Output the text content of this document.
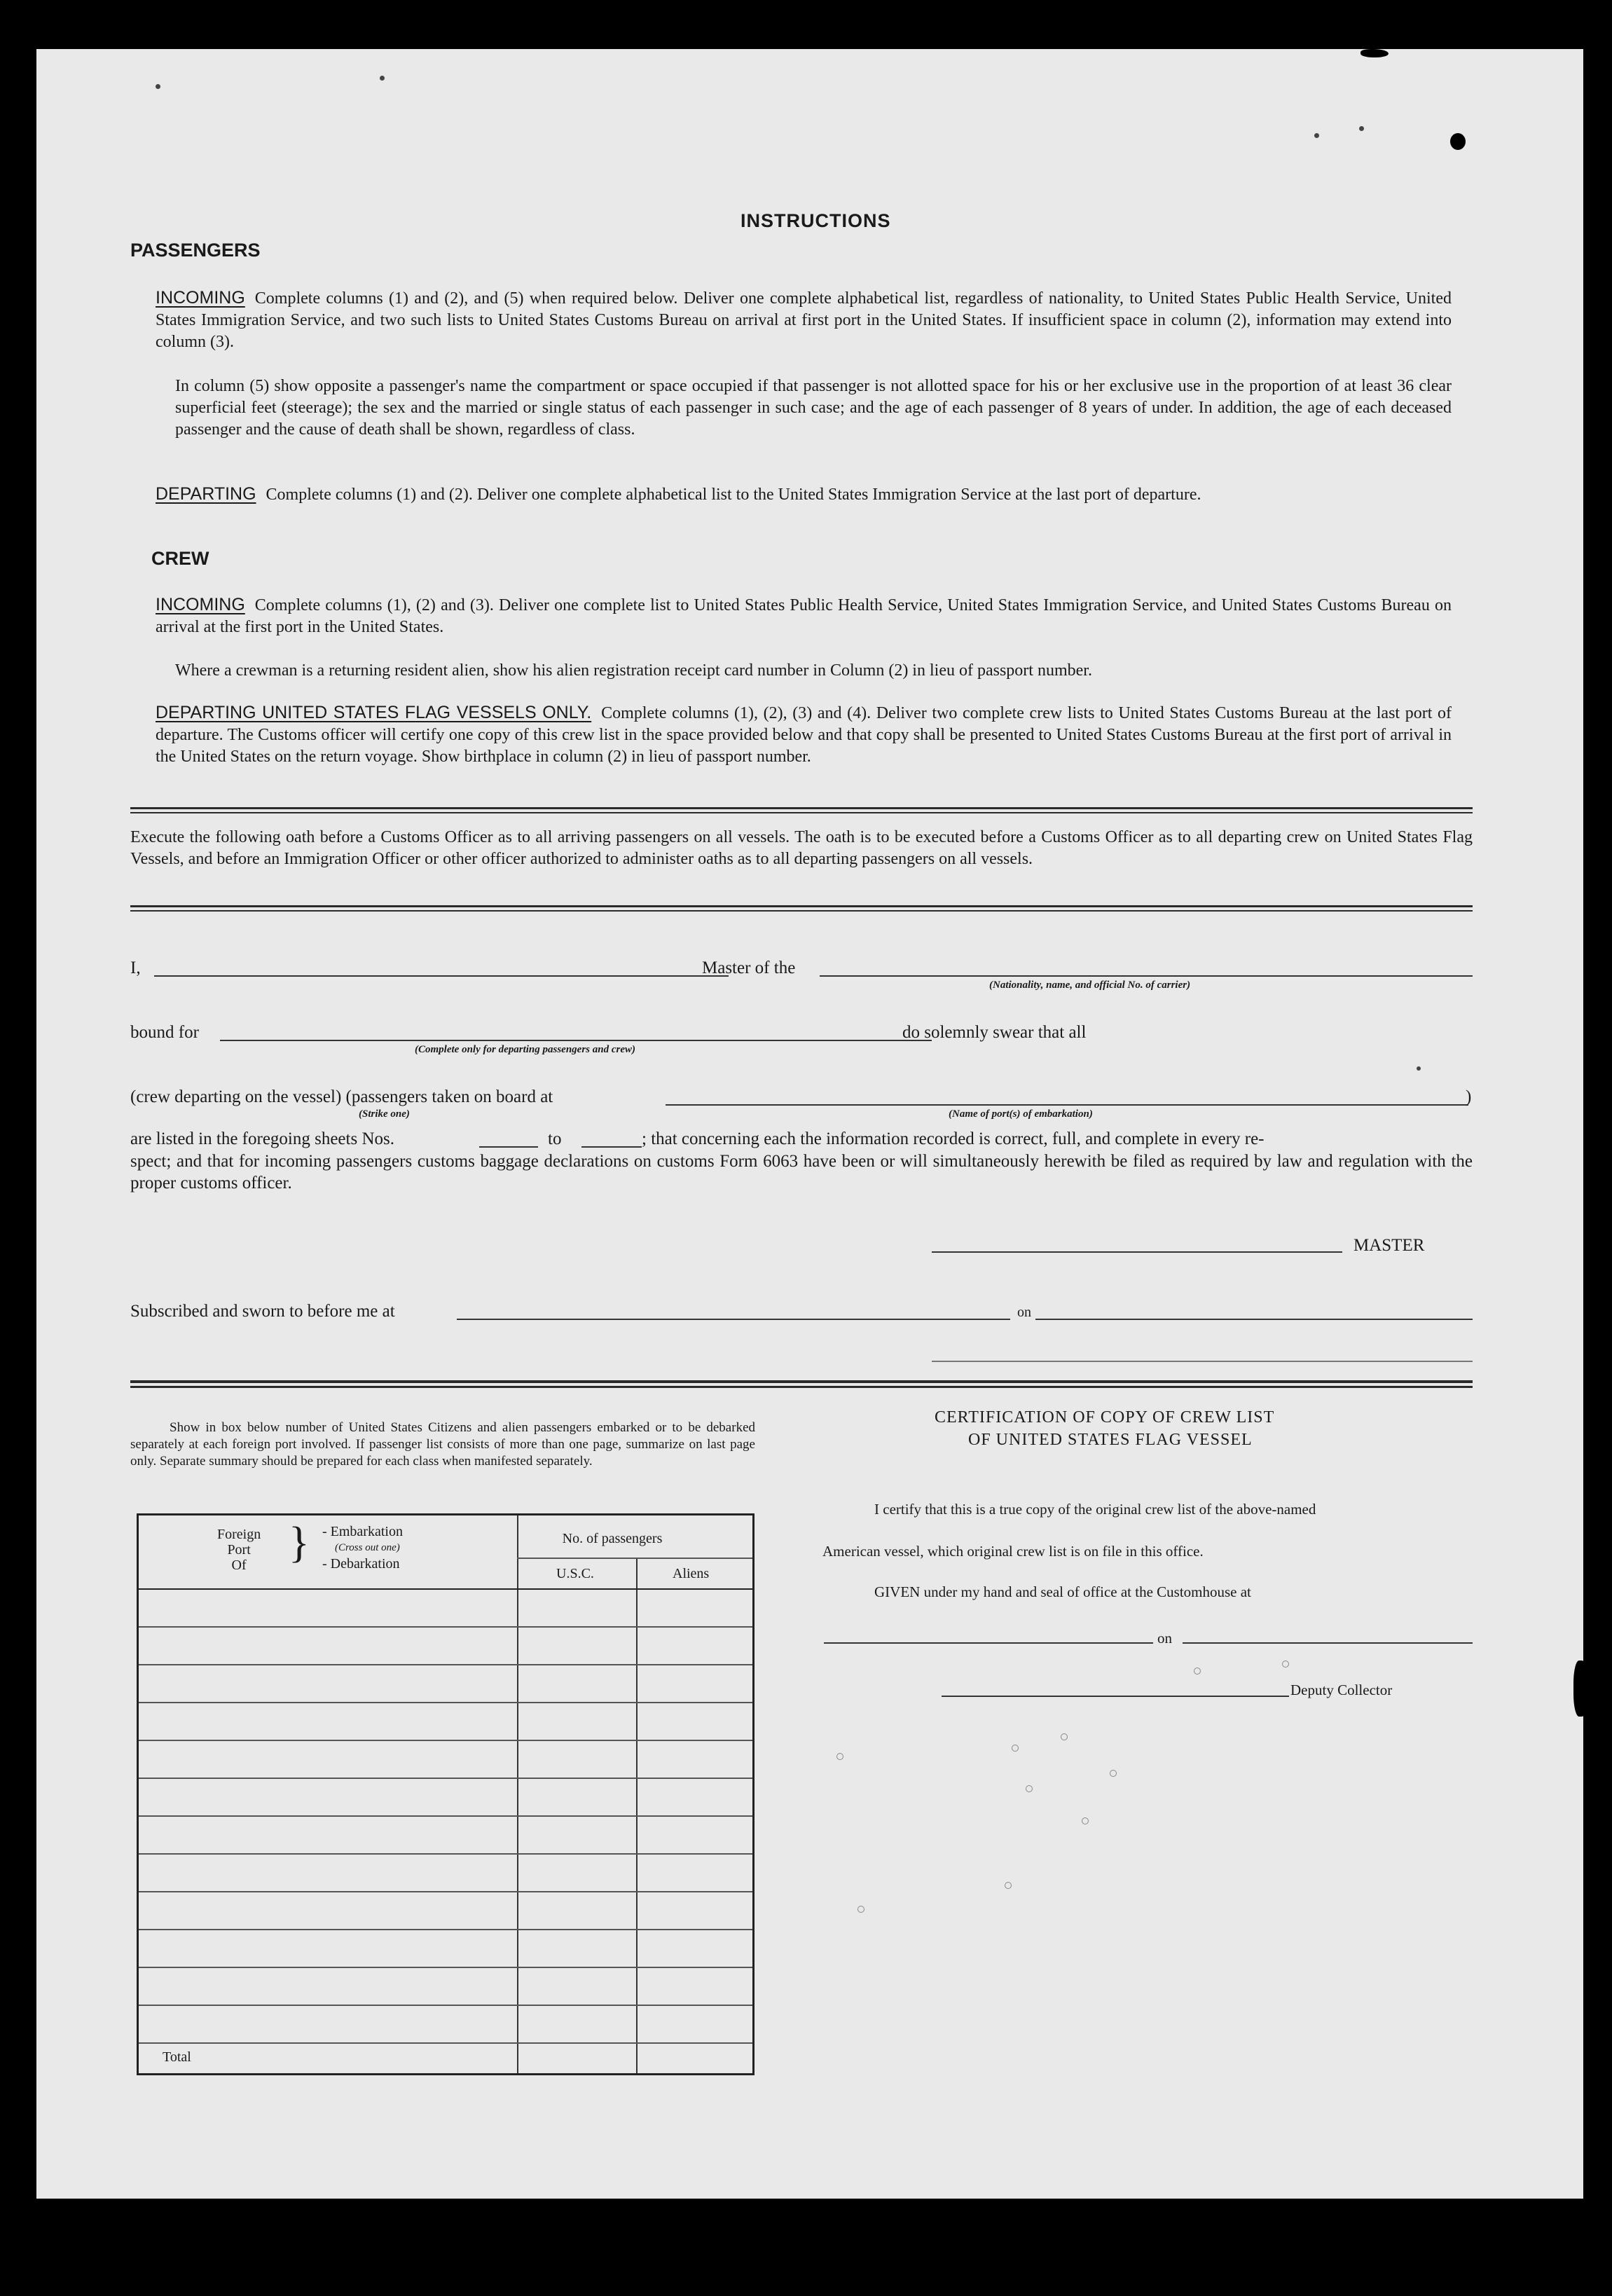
INSTRUCTIONS
PASSENGERS
INCOMING Complete columns (1) and (2), and (5) when required below. Deliver one complete alphabetical list, regardless of nationality, to United States Public Health Service, United States Immigration Service, and two such lists to United States Customs Bureau on arrival at first port in the United States. If insufficient space in column (2), information may extend into column (3).
In column (5) show opposite a passenger's name the compartment or space occupied if that passenger is not allotted space for his or her exclusive use in the proportion of at least 36 clear superficial feet (steerage); the sex and the married or single status of each passenger in such case; and the age of each passenger of 8 years of under. In addition, the age of each deceased passenger and the cause of death shall be shown, regardless of class.
DEPARTING Complete columns (1) and (2). Deliver one complete alphabetical list to the United States Immigration Service at the last port of departure.
CREW
INCOMING Complete columns (1), (2) and (3). Deliver one complete list to United States Public Health Service, United States Immigration Service, and United States Customs Bureau on arrival at the first port in the United States.
Where a crewman is a returning resident alien, show his alien registration receipt card number in Column (2) in lieu of passport number.
DEPARTING UNITED STATES FLAG VESSELS ONLY. Complete columns (1), (2), (3) and (4). Deliver two complete crew lists to United States Customs Bureau at the last port of departure. The Customs officer will certify one copy of this crew list in the space provided below and that copy shall be presented to United States Customs Bureau at the first port of arrival in the United States on the return voyage. Show birthplace in column (2) in lieu of passport number.
Execute the following oath before a Customs Officer as to all arriving passengers on all vessels. The oath is to be executed before a Customs Officer as to all departing crew on United States Flag Vessels, and before an Immigration Officer or other officer authorized to administer oaths as to all departing passengers on all vessels.
I,	Master of the
(Nationality, name, and official No. of carrier)
bound for
(Complete only for departing passengers and crew)
do solemnly swear that all
(crew departing on the vessel) (passengers taken on board at
(Strike one)
)
(Name of port(s) of embarkation)
are listed in the foregoing sheets Nos.	to	; that concerning each the information recorded is correct, full, and complete in every re-
spect; and that for incoming passengers customs baggage declarations on customs Form 6063 have been or will simultaneously herewith be filed as required by law and regulation with the proper customs officer.
MASTER
Subscribed and sworn to before me at	on
Show in box below number of United States Citizens and alien passengers embarked or to be debarked separately at each foreign port involved. If passenger list consists of more than one page, summarize on last page only. Separate summary should be prepared for each class when manifested separately.
Foreign
Port
Of } - Embarkation
(Cross out one)
- Debarkation
No. of passengers
U.S.C.	Aliens
Total
CERTIFICATION OF COPY OF CREW LIST
OF UNITED STATES FLAG VESSEL
I certify that this is a true copy of the original crew list of the above-named
American vessel, which original crew list is on file in this office.
GIVEN under my hand and seal of office at the Customhouse at
on
Deputy Collector
